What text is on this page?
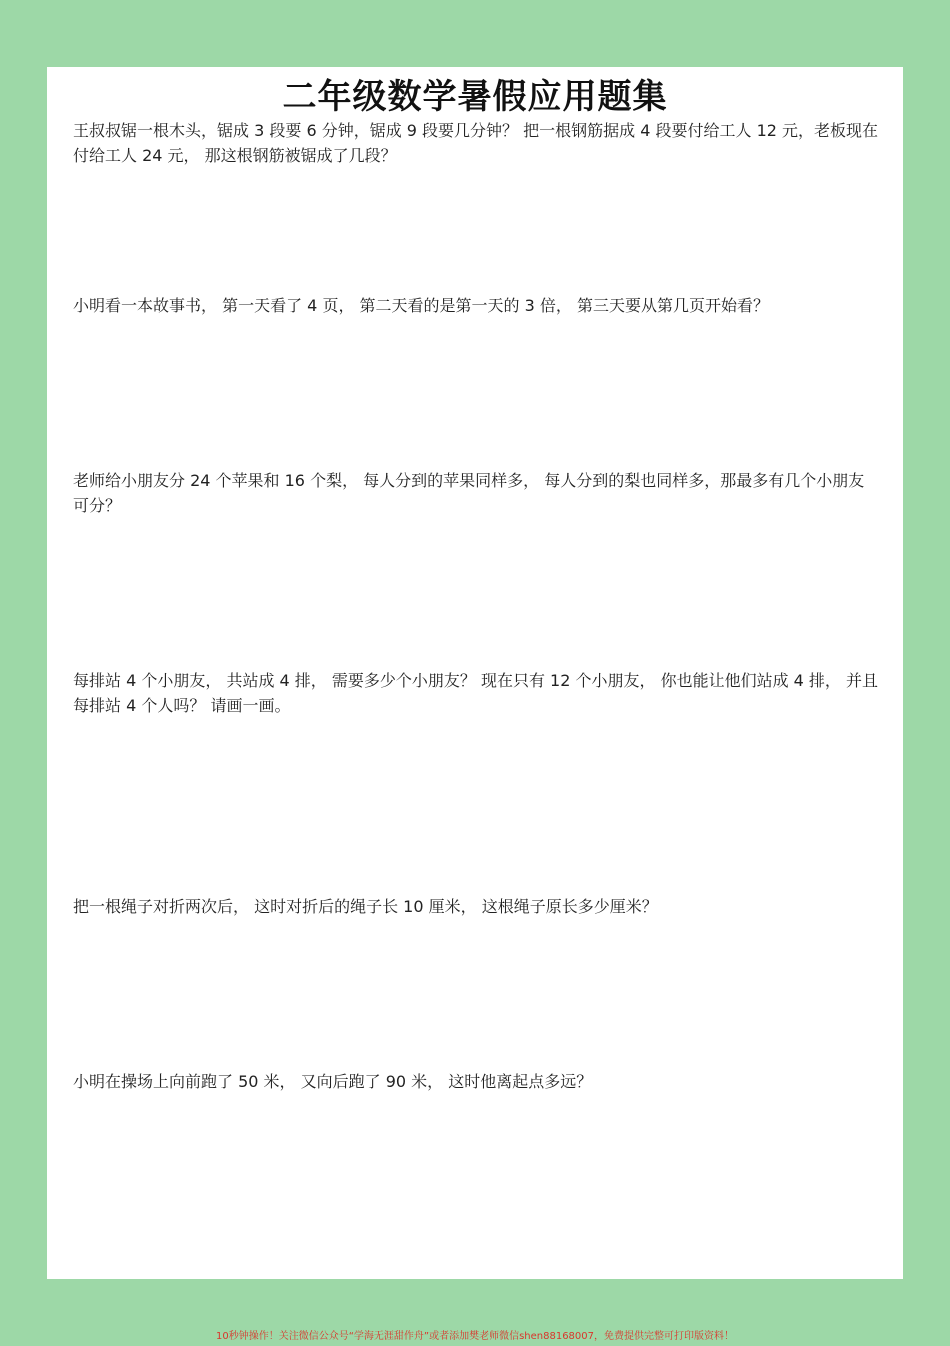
二年级数学暑假应用题集

王叔叔锯一根木头，锯成 3 段要 6 分钟，锯成 9 段要几分钟？ 把一根钢筋据成 4 段要付给工人 12 元，老板现在付给工人 24 元， 那这根钢筋被锯成了几段？

小明看一本故事书， 第一天看了 4 页， 第二天看的是第一天的 3 倍， 第三天要从第几页开始看？

老师给小朋友分 24 个苹果和 16 个梨， 每人分到的苹果同样多， 每人分到的梨也同样多，那最多有几个小朋友可分？

每排站 4 个小朋友， 共站成 4 排， 需要多少个小朋友？ 现在只有 12 个小朋友， 你也能让他们站成 4 排， 并且每排站 4 个人吗？ 请画一画。

把一根绳子对折两次后， 这时对折后的绳子长 10 厘米， 这根绳子原长多少厘米？

小明在操场上向前跑了 50 米， 又向后跑了 90 米， 这时他离起点多远？

10秒钟操作！关注微信公众号“学海无涯甜作舟”或者添加樊老师微信shen88168007，免费提供完整可打印版资料！
